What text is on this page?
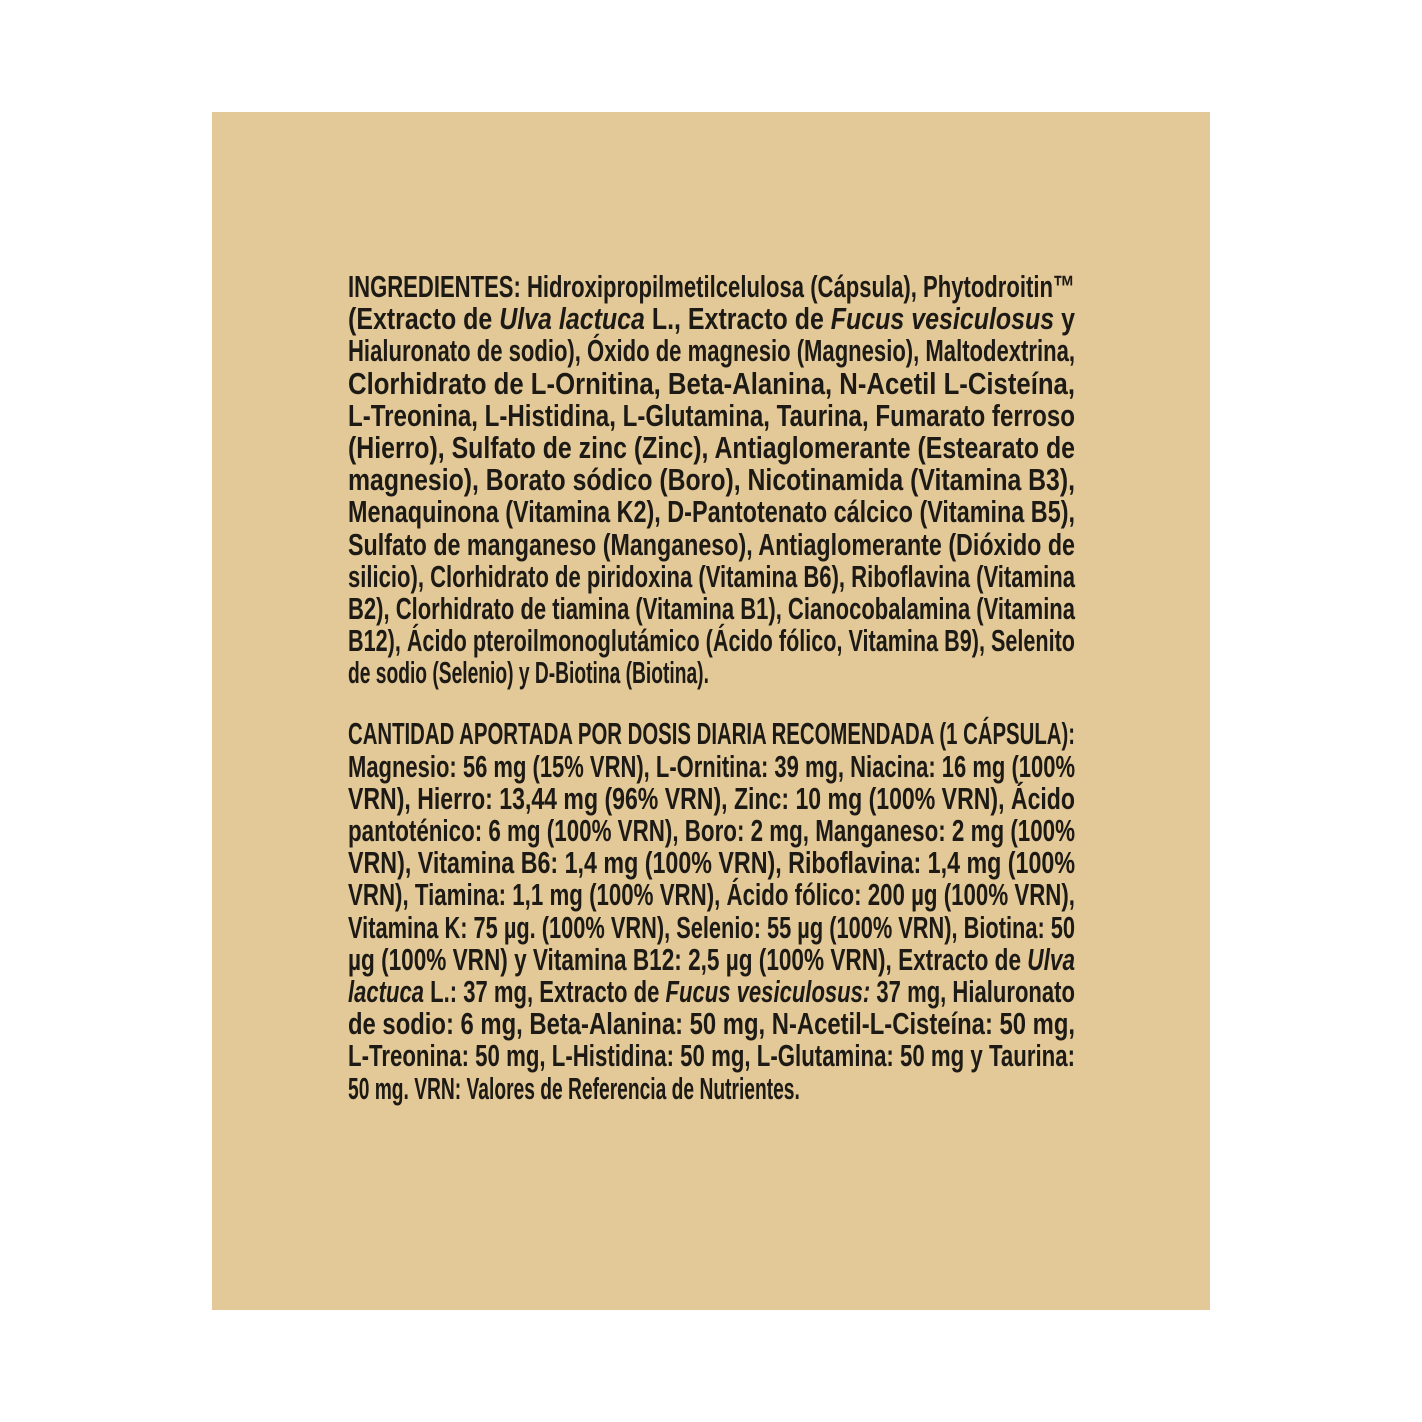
INGREDIENTES: Hidroxipropilmetilcelulosa (Cápsula), Phytodroitin™
(Extracto de Ulva lactuca L., Extracto de Fucus vesiculosus y
Hialuronato de sodio), Óxido de magnesio (Magnesio), Maltodextrina,
Clorhidrato de L-Ornitina, Beta-Alanina, N-Acetil L-Cisteína,
L-Treonina, L-Histidina, L-Glutamina, Taurina, Fumarato ferroso
(Hierro), Sulfato de zinc (Zinc), Antiaglomerante (Estearato de
magnesio), Borato sódico (Boro), Nicotinamida (Vitamina B3),
Menaquinona (Vitamina K2), D-Pantotenato cálcico (Vitamina B5),
Sulfato de manganeso (Manganeso), Antiaglomerante (Dióxido de
silicio), Clorhidrato de piridoxina (Vitamina B6), Riboflavina (Vitamina
B2), Clorhidrato de tiamina (Vitamina B1), Cianocobalamina (Vitamina
B12), Ácido pteroilmonoglutámico (Ácido fólico, Vitamina B9), Selenito
de sodio (Selenio) y D-Biotina (Biotina).
CANTIDAD APORTADA POR DOSIS DIARIA RECOMENDADA (1 CÁPSULA):
Magnesio: 56 mg (15% VRN), L-Ornitina: 39 mg, Niacina: 16 mg (100%
VRN), Hierro: 13,44 mg (96% VRN), Zinc: 10 mg (100% VRN), Ácido
pantoténico: 6 mg (100% VRN), Boro: 2 mg, Manganeso: 2 mg (100%
VRN), Vitamina B6: 1,4 mg (100% VRN), Riboflavina: 1,4 mg (100%
VRN), Tiamina: 1,1 mg (100% VRN), Ácido fólico: 200 µg (100% VRN),
Vitamina K: 75 µg. (100% VRN), Selenio: 55 µg (100% VRN), Biotina: 50
µg (100% VRN) y Vitamina B12: 2,5 µg (100% VRN), Extracto de Ulva
lactuca L.: 37 mg, Extracto de Fucus vesiculosus: 37 mg, Hialuronato
de sodio: 6 mg, Beta-Alanina: 50 mg, N-Acetil-L-Cisteína: 50 mg,
L-Treonina: 50 mg, L-Histidina: 50 mg, L-Glutamina: 50 mg y Taurina:
50 mg. VRN: Valores de Referencia de Nutrientes.
